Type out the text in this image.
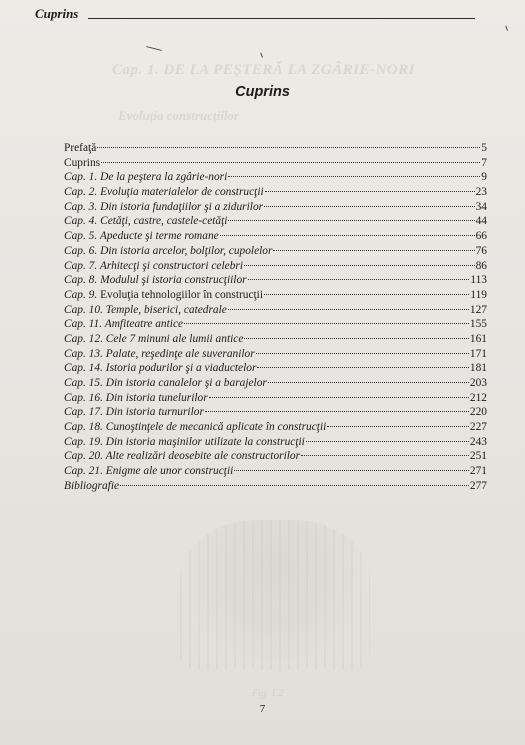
Cap. 1. DE LA PEȘTERĂ LA ZGÂRIE-NORI
Evoluția construcțiilor
Fig. 1.2
Cuprins
Cuprins
Prefaţă	5
Cuprins	7
Cap. 1. De la peştera la zgârie-nori	9
Cap. 2. Evoluţia materialelor de construcţii	23
Cap. 3. Din istoria fundaţiilor şi a zidurilor	34
Cap. 4. Cetăţi, castre, castele-cetăţi	44
Cap. 5. Apeducte şi terme romane	66
Cap. 6. Din istoria arcelor, bolţilor, cupolelor	76
Cap. 7. Arhitecţi şi constructori celebri	86
Cap. 8. Modulul şi istoria construcţiilor	113
Cap. 9. Evoluţia tehnologiilor în construcţii	119
Cap. 10. Temple, biserici, catedrale	127
Cap. 11. Amfiteatre antice	155
Cap. 12. Cele 7 minuni ale lumii antice	161
Cap. 13. Palate, reşedinţe ale suveranilor	171
Cap. 14. Istoria podurilor şi a viaductelor	181
Cap. 15. Din istoria canalelor şi a barajelor	203
Cap. 16. Din istoria tunelurilor	212
Cap. 17. Din istoria turnurilor	220
Cap. 18. Cunoştinţele de mecanică aplicate în construcţii	227
Cap. 19. Din istoria maşinilor utilizate la construcţii	243
Cap. 20. Alte realizări deosebite ale constructorilor	251
Cap. 21. Enigme ale unor construcţii	271
Bibliografie	277
7
